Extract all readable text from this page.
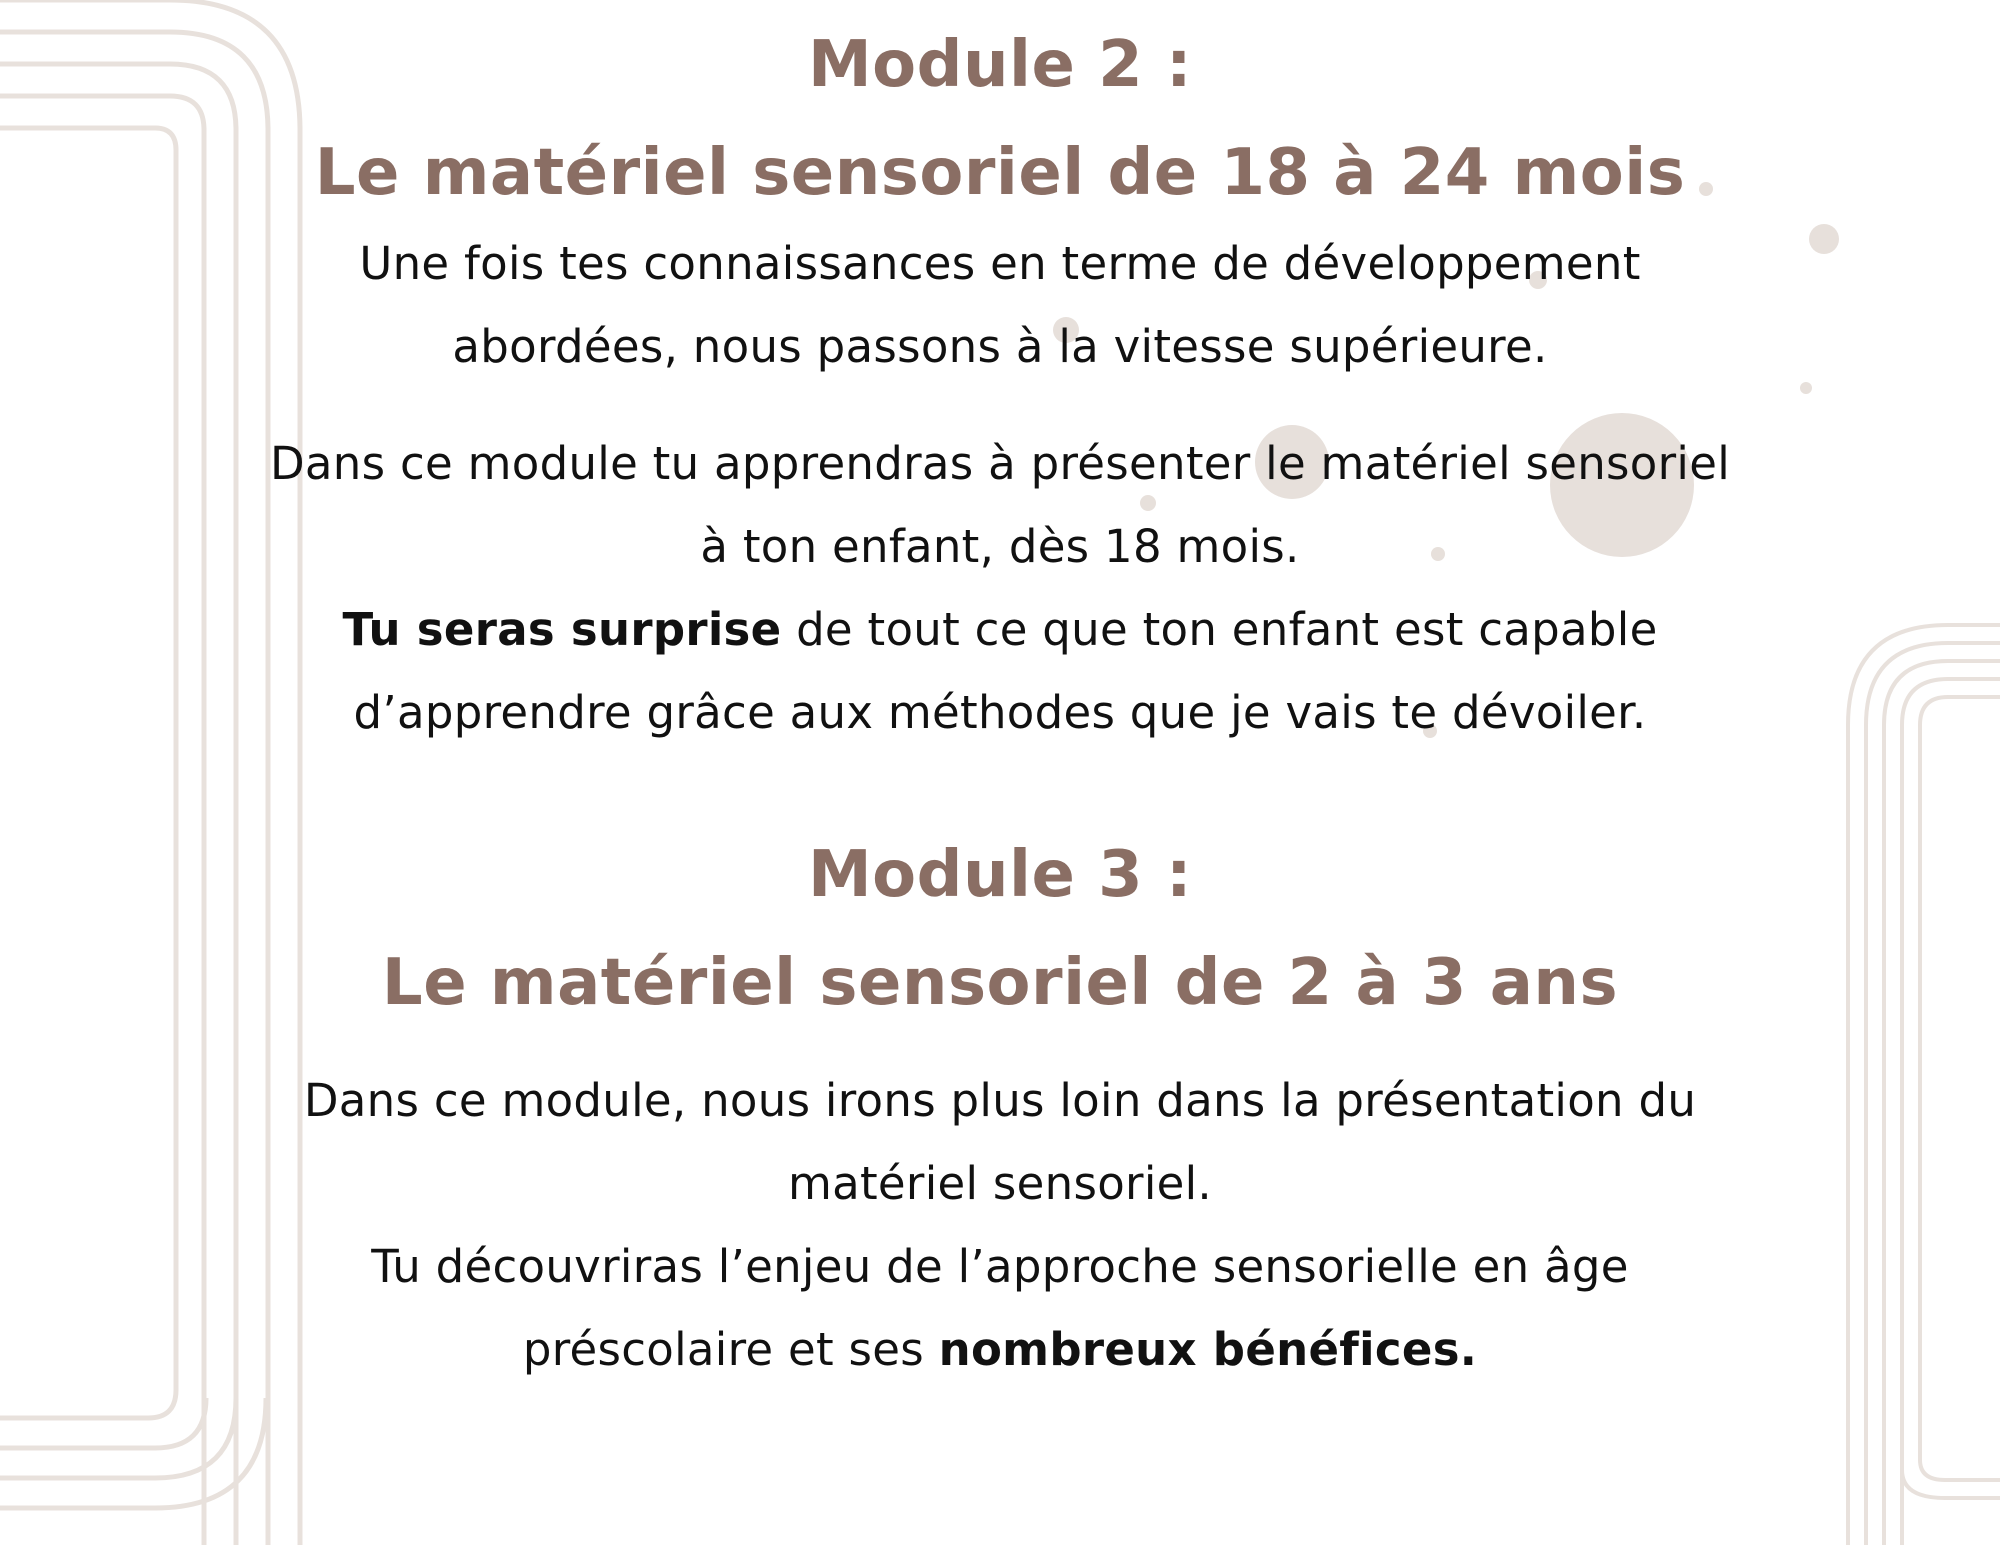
Module 2 :
Le matériel sensoriel de 18 à 24 mois
Une fois tes connaissances en terme de développement
abordées, nous passons à la vitesse supérieure.
Dans ce module tu apprendras à présenter le matériel sensoriel
à ton enfant, dès 18 mois.
Tu seras surprise de tout ce que ton enfant est capable
d’apprendre grâce aux méthodes que je vais te dévoiler.
Module 3 :
Le matériel sensoriel de 2 à 3 ans
Dans ce module, nous irons plus loin dans la présentation du
matériel sensoriel.
Tu découvriras l’enjeu de l’approche sensorielle en âge
préscolaire et ses nombreux bénéfices.
